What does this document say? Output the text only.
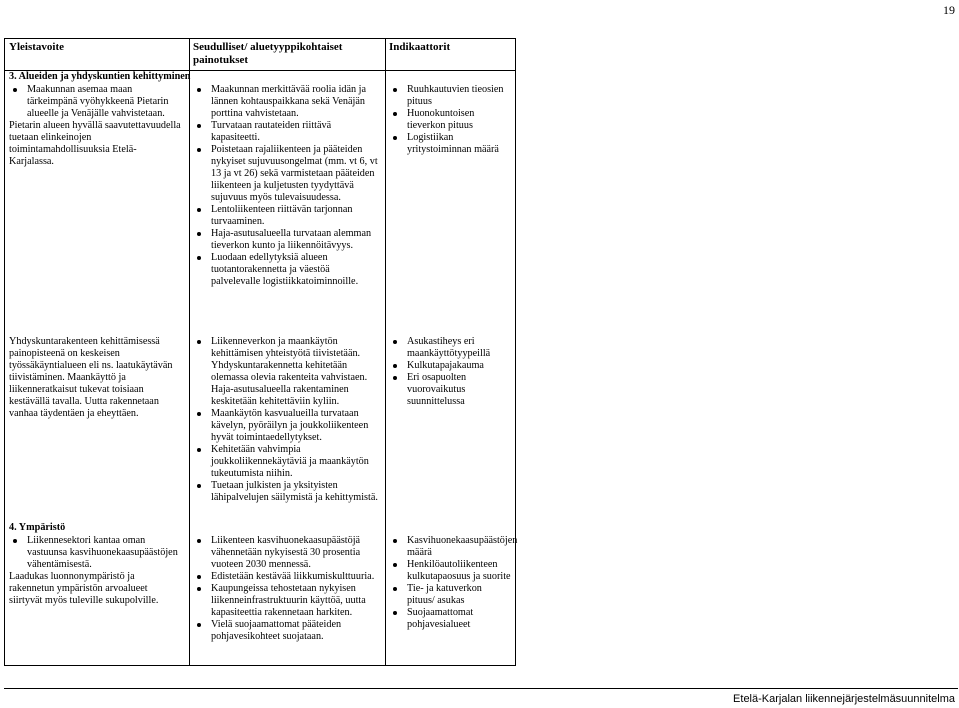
19
Yleistavoite	Seudulliset/ aluetyyppikohtaiset painotukset
Indikaattorit
3. Alueiden ja yhdyskuntien kehittyminen
Maakunnan asemaa maan tärkeimpänä vyöhykkeenä Pietarin alueelle ja Venäjälle vahvistetaan.

Pietarin alueen hyvällä saavutettavuudella tuetaan elinkeinojen toimintamahdollisuuksia Etelä-Karjalassa.

Maakunnan merkittävää roolia idän ja lännen kohtauspaikkana sekä Venäjän porttina vahvistetaan.
Turvataan rautateiden riittävä kapasiteetti.
Poistetaan rajaliikenteen ja pääteiden nykyiset sujuvuusongelmat (mm. vt 6, vt 13 ja vt 26) sekä varmistetaan pääteiden liikenteen ja kuljetusten tyydyttävä sujuvuus myös tulevaisuudessa.
Lentoliikenteen riittävän tarjonnan turvaaminen.
Haja-asutusalueella turvataan alemman tieverkon kunto ja liikennöitävyys.
Luodaan edellytyksiä alueen tuotantorakennetta ja väestöä palvelevalle logistiikkatoiminnoille.
Ruuhkautuvien tieosien pituus
Huonokuntoisen tieverkon pituus
Logistiikan yritystoiminnan määrä

Yhdyskuntarakenteen kehittämisessä painopisteenä on keskeisen työssäkäyntialueen eli ns. laatukäytävän tiivistäminen. Maankäyttö ja liikenneratkaisut tukevat toisiaan kestävällä tavalla. Uutta rakennetaan vanhaa täydentäen ja eheyttäen.

Liikenneverkon ja maankäytön kehittämisen yhteistyötä tiivistetään. Yhdyskuntarakennetta kehitetään olemassa olevia rakenteita vahvistaen. Haja-asutusalueella rakentaminen keskitetään kehitettäviin kyliin.
Maankäytön kasvualueilla turvataan kävelyn, pyöräilyn ja joukkoliikenteen hyvät toimintaedellytykset.
Kehitetään vahvimpia joukkoliikennekäytäviä ja maankäytön tukeutumista niihin.
Tuetaan julkisten ja yksityisten lähipalvelujen säilymistä ja kehittymistä.
Asukastiheys eri maankäyttötyypeillä
Kulkutapajakauma
Eri osapuolten vuorovaikutus suunnittelussa
4. Ympäristö
Liikennesektori kantaa oman vastuunsa kasvihuonekaasupäästöjen vähentämisestä.

Laadukas luonnonympäristö ja rakennetun ympäristön arvoalueet siirtyvät myös tuleville sukupolville.

Liikenteen kasvihuonekaasupäästöjä vähennetään nykyisestä 30 prosentia vuoteen 2030 mennessä.
Edistetään kestävää liikkumiskulttuuria.
Kaupungeissa tehostetaan nykyisen liikenneinfrastruktuurin käyttöä, uutta kapasiteettia rakennetaan harkiten.
Vielä suojaamattomat pääteiden pohjavesikohteet suojataan.
Kasvihuonekaasupäästöjen määrä
Henkilöautoliikenteen kulkutapaosuus ja suorite
Tie- ja katuverkon pituus/ asukas
Suojaamattomat pohjavesialueet
Etelä-Karjalan liikennejärjestelmäsuunnitelma
